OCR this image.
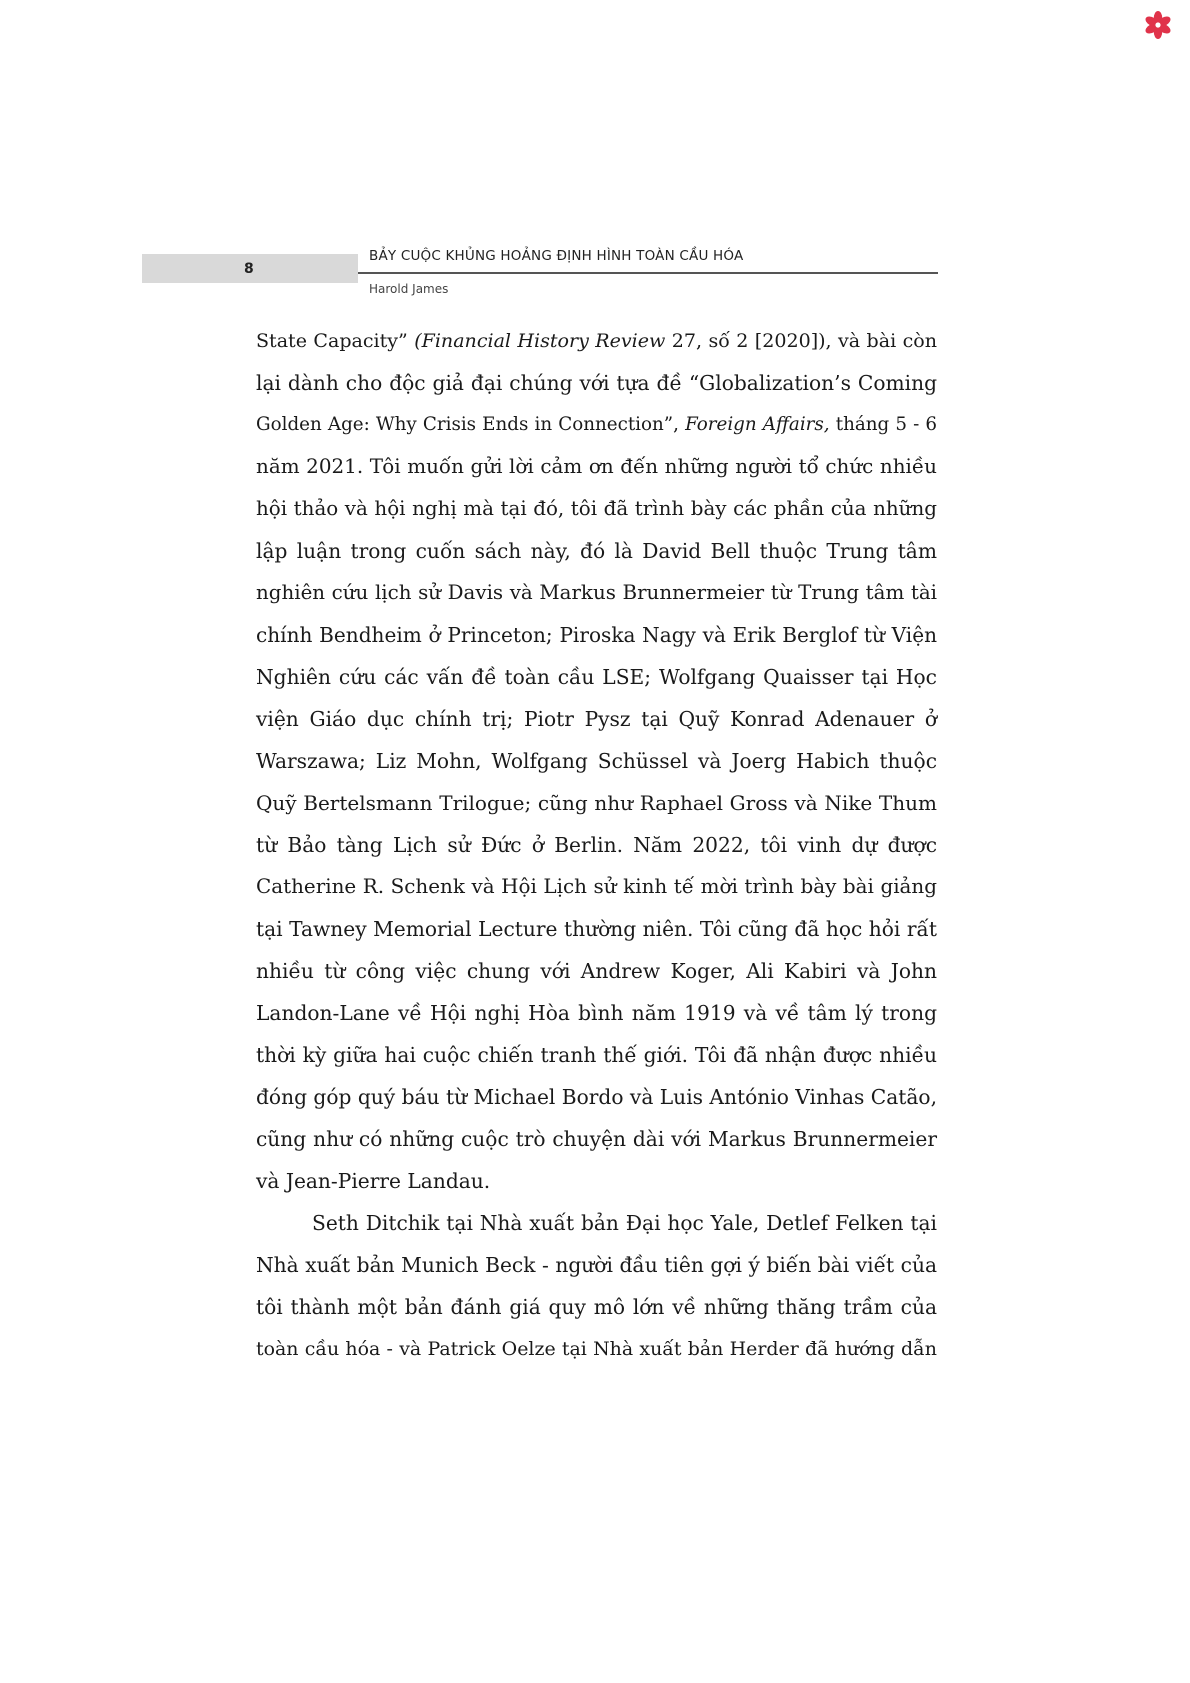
8
BẢY CUỘC KHỦNG HOẢNG ĐỊNH HÌNH TOÀN CẦU HÓA
Harold James
State Capacity” (Financial History Review 27, số 2 [2020]), và bài còn
lại dành cho độc giả đại chúng với tựa đề “Globalization’s Coming
Golden Age: Why Crisis Ends in Connection”, Foreign Affairs, tháng 5 - 6
năm 2021. Tôi muốn gửi lời cảm ơn đến những người tổ chức nhiều
hội thảo và hội nghị mà tại đó, tôi đã trình bày các phần của những
lập luận trong cuốn sách này, đó là David Bell thuộc Trung tâm
nghiên cứu lịch sử Davis và Markus Brunnermeier từ Trung tâm tài
chính Bendheim ở Princeton; Piroska Nagy và Erik Berglof từ Viện
Nghiên cứu các vấn đề toàn cầu LSE; Wolfgang Quaisser tại Học
viện Giáo dục chính trị; Piotr Pysz tại Quỹ Konrad Adenauer ở
Warszawa; Liz Mohn, Wolfgang Schüssel và Joerg Habich thuộc
Quỹ Bertelsmann Trilogue; cũng như Raphael Gross và Nike Thum
từ Bảo tàng Lịch sử Đức ở Berlin. Năm 2022, tôi vinh dự được
Catherine R. Schenk và Hội Lịch sử kinh tế mời trình bày bài giảng
tại Tawney Memorial Lecture thường niên. Tôi cũng đã học hỏi rất
nhiều từ công việc chung với Andrew Koger, Ali Kabiri và John
Landon-Lane về Hội nghị Hòa bình năm 1919 và về tâm lý trong
thời kỳ giữa hai cuộc chiến tranh thế giới. Tôi đã nhận được nhiều
đóng góp quý báu từ Michael Bordo và Luis António Vinhas Catão,
cũng như có những cuộc trò chuyện dài với Markus Brunnermeier
và Jean-Pierre Landau.
Seth Ditchik tại Nhà xuất bản Đại học Yale, Detlef Felken tại
Nhà xuất bản Munich Beck - người đầu tiên gợi ý biến bài viết của
tôi thành một bản đánh giá quy mô lớn về những thăng trầm của
toàn cầu hóa - và Patrick Oelze tại Nhà xuất bản Herder đã hướng dẫn
